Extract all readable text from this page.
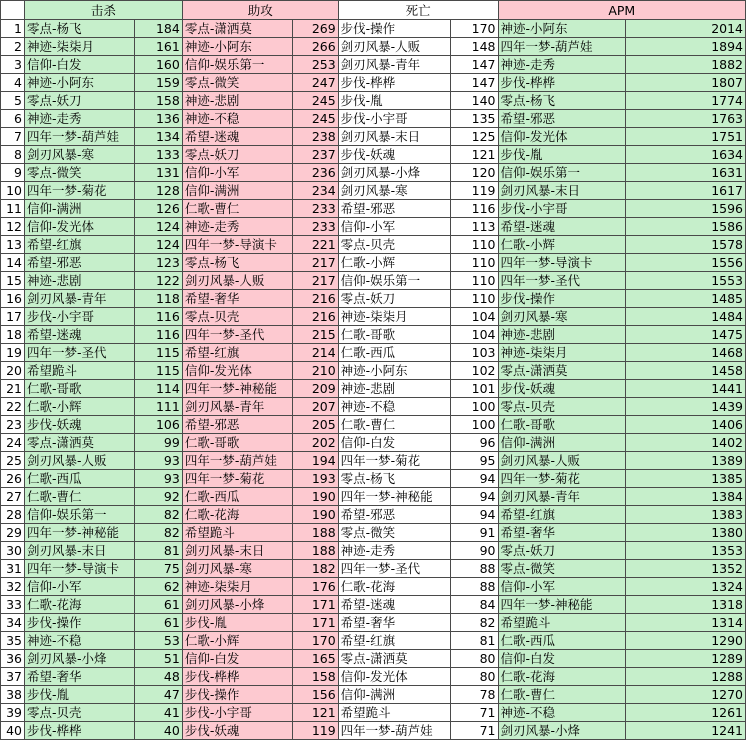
	击杀		助攻		死亡		APM	
1	零点-杨飞	184	零点-潇洒莫	269	步伐-操作	170	神迹-小阿东	2014
2	神迹-柒柒月	161	神迹-小阿东	266	剑刃风暴-人贩	148	四年一梦-葫芦娃	1894
3	信仰-白发	160	信仰-娱乐第一	253	剑刃风暴-青年	147	神迹-走秀	1882
4	神迹-小阿东	159	零点-微笑	247	步伐-桦桦	147	步伐-桦桦	1807
5	零点-妖刀	158	神迹-悲剧	245	步伐-胤	140	零点-杨飞	1774
6	神迹-走秀	136	神迹-不稳	245	步伐-小宇哥	135	希望-邪恶	1763
7	四年一梦-葫芦娃	134	希望-迷魂	238	剑刃风暴-末日	125	信仰-发光体	1751
8	剑刃风暴-寒	133	零点-妖刀	237	步伐-妖魂	121	步伐-胤	1634
9	零点-微笑	131	信仰-小军	236	剑刃风暴-小烽	120	信仰-娱乐第一	1631
10	四年一梦-菊花	128	信仰-满洲	234	剑刃风暴-寒	119	剑刃风暴-末日	1617
11	信仰-满洲	126	仁歌-曹仁	233	希望-邪恶	116	步伐-小宇哥	1596
12	信仰-发光体	124	神迹-走秀	233	信仰-小军	113	希望-迷魂	1586
13	希望-红旗	124	四年一梦-导演卡	221	零点-贝壳	110	仁歌-小辉	1578
14	希望-邪恶	123	零点-杨飞	217	仁歌-小辉	110	四年一梦-导演卡	1556
15	神迹-悲剧	122	剑刃风暴-人贩	217	信仰-娱乐第一	110	四年一梦-圣代	1553
16	剑刃风暴-青年	118	希望-奢华	216	零点-妖刀	110	步伐-操作	1485
17	步伐-小宇哥	116	零点-贝壳	216	神迹-柒柒月	104	剑刃风暴-寒	1484
18	希望-迷魂	116	四年一梦-圣代	215	仁歌-哥歌	104	神迹-悲剧	1475
19	四年一梦-圣代	115	希望-红旗	214	仁歌-西瓜	103	神迹-柒柒月	1468
20	希望跪斗	115	信仰-发光体	210	神迹-小阿东	102	零点-潇洒莫	1458
21	仁歌-哥歌	114	四年一梦-神秘能	209	神迹-悲剧	101	步伐-妖魂	1441
22	仁歌-小辉	111	剑刃风暴-青年	207	神迹-不稳	100	零点-贝壳	1439
23	步伐-妖魂	106	希望-邪恶	205	仁歌-曹仁	100	仁歌-哥歌	1406
24	零点-潇洒莫	99	仁歌-哥歌	202	信仰-白发	96	信仰-满洲	1402
25	剑刃风暴-人贩	93	四年一梦-葫芦娃	194	四年一梦-菊花	95	剑刃风暴-人贩	1389
26	仁歌-西瓜	93	四年一梦-菊花	193	零点-杨飞	94	四年一梦-菊花	1385
27	仁歌-曹仁	92	仁歌-西瓜	190	四年一梦-神秘能	94	剑刃风暴-青年	1384
28	信仰-娱乐第一	82	仁歌-花海	190	希望-邪恶	94	希望-红旗	1383
29	四年一梦-神秘能	82	希望跪斗	188	零点-微笑	91	希望-奢华	1380
30	剑刃风暴-末日	81	剑刃风暴-末日	188	神迹-走秀	90	零点-妖刀	1353
31	四年一梦-导演卡	75	剑刃风暴-寒	182	四年一梦-圣代	88	零点-微笑	1352
32	信仰-小军	62	神迹-柒柒月	176	仁歌-花海	88	信仰-小军	1324
33	仁歌-花海	61	剑刃风暴-小烽	171	希望-迷魂	84	四年一梦-神秘能	1318
34	步伐-操作	61	步伐-胤	171	希望-奢华	82	希望跪斗	1314
35	神迹-不稳	53	仁歌-小辉	170	希望-红旗	81	仁歌-西瓜	1290
36	剑刃风暴-小烽	51	信仰-白发	165	零点-潇洒莫	80	信仰-白发	1289
37	希望-奢华	48	步伐-桦桦	158	信仰-发光体	80	仁歌-花海	1288
38	步伐-胤	47	步伐-操作	156	信仰-满洲	78	仁歌-曹仁	1270
39	零点-贝壳	41	步伐-小宇哥	121	希望跪斗	71	神迹-不稳	1261
40	步伐-桦桦	40	步伐-妖魂	119	四年一梦-葫芦娃	71	剑刃风暴-小烽	1241
